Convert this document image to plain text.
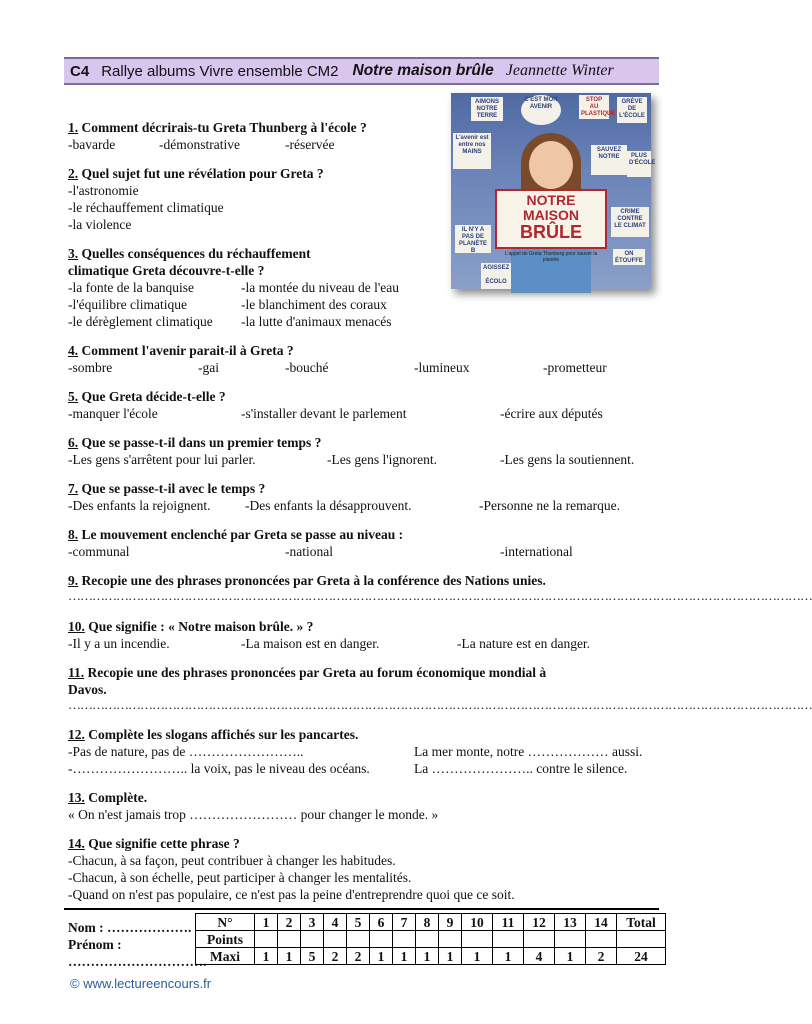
C4 Rallye albums Vivre ensemble CM2 Notre maison brûle Jeannette Winter
AIMONS NOTRE TERRE
C'EST MON AVENIR
STOP AU PLASTIQUE
GRÈVE DE L'ÉCOLE
L'avenir est entre nos MAINS	SAUVEZ NOTRE	PLUS D'ÉCOLE
IL N'Y A PAS DE PLANÈTE B
CRIME CONTRE LE CLIMAT
AGISSEZ
ON ÉTOUFFE
ÉCOLO
NOTRE
MAISON
BRÛLE
L'appel de Greta Thunberg pour sauver la planète
1. Comment décrirais-tu Greta Thunberg à l'école ?
-bavarde	-démonstrative	-réservée
2. Quel sujet fut une révélation pour Greta ?
-l'astronomie
-le réchauffement climatique
-la violence
3. Quelles conséquences du réchauffement
climatique Greta découvre-t-elle ?
-la fonte de la banquise	-la montée du niveau de l'eau
-l'équilibre climatique	-le blanchiment des coraux
-le dérèglement climatique -la lutte d'animaux menacés
4. Comment l'avenir parait-il à Greta ?
-sombre	-gai	-bouché	-lumineux	-prometteur
5. Que Greta décide-t-elle ?
-manquer l'école	-s'installer devant le parlement	-écrire aux députés
6. Que se passe-t-il dans un premier temps ?
-Les gens s'arrêtent pour lui parler.	-Les gens l'ignorent.	-Les gens la soutiennent.
7. Que se passe-t-il avec le temps ?
-Des enfants la rejoignent.	-Des enfants la désapprouvent.	-Personne ne la remarque.
8. Le mouvement enclenché par Greta se passe au niveau :
-communal	-national	-international
9. Recopie une des phrases prononcées par Greta à la conférence des Nations unies.
……………………………………………………………………………………………………………………………………………………………………
10. Que signifie : « Notre maison brûle. » ?
-Il y a un incendie.	-La maison est en danger.	-La nature est en danger.
11. Recopie une des phrases prononcées par Greta au forum économique mondial à
Davos.
……………………………………………………………………………………………………………………………………………………………………
12. Complète les slogans affichés sur les pancartes.
-Pas de nature, pas de ……………………..	La mer monte, notre ……………… aussi.
-…………………….. la voix, pas le niveau des océans.	La ………………….. contre le silence.
13. Complète.
« On n'est jamais trop …………………… pour changer le monde. »
14. Que signifie cette phrase ?
-Chacun, à sa façon, peut contribuer à changer les habitudes.
-Chacun, à son échelle, peut participer à changer les mentalités.
-Quand on n'est pas populaire, ce n'est pas la peine d'entreprendre quoi que ce soit.
Nom : ……………….
Prénom :
………………………….
N°	1	2	3	4	5	6	7	8	9	10	11	12	13	14	Total
Points															
Maxi	1	1	5	2	2	1	1	1	1	1	1	4	1	2	24
© www.lectureencours.fr
